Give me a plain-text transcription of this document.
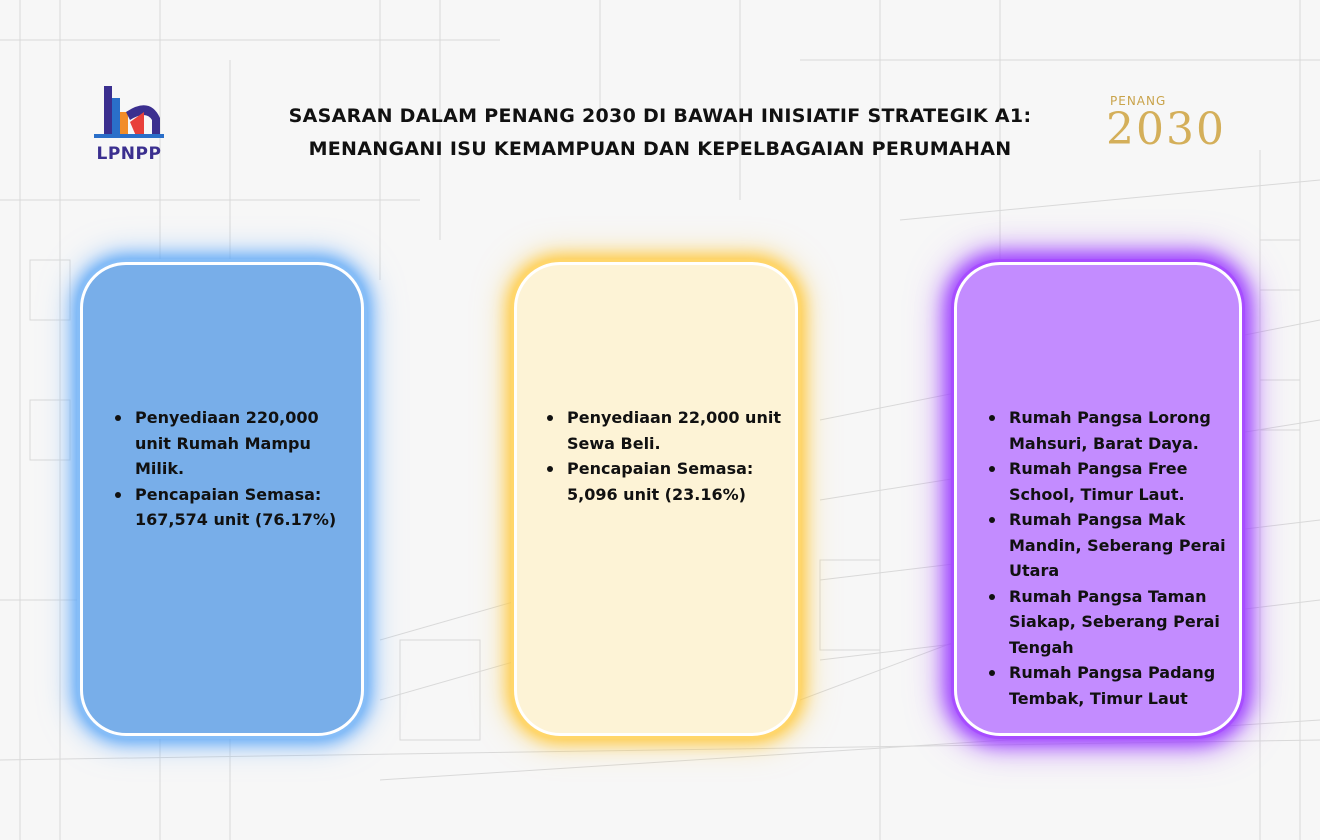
LPNPP
SASARAN DALAM PENANG 2030 DI BAWAH INISIATIF STRATEGIK A1:
MENANGANI ISU KEMAMPUAN DAN KEPELBAGAIAN PERUMAHAN
PENANG
2030
Penyediaan 220,000 unit Rumah Mampu Milik.
Pencapaian Semasa: 167,574 unit (76.17%)
Penyediaan 22,000 unit Sewa Beli.
Pencapaian Semasa: 5,096 unit (23.16%)
Rumah Pangsa Lorong Mahsuri, Barat Daya.
Rumah Pangsa Free School, Timur Laut.
Rumah Pangsa Mak Mandin, Seberang Perai Utara
Rumah Pangsa Taman Siakap, Seberang Perai Tengah
Rumah Pangsa Padang Tembak, Timur Laut
